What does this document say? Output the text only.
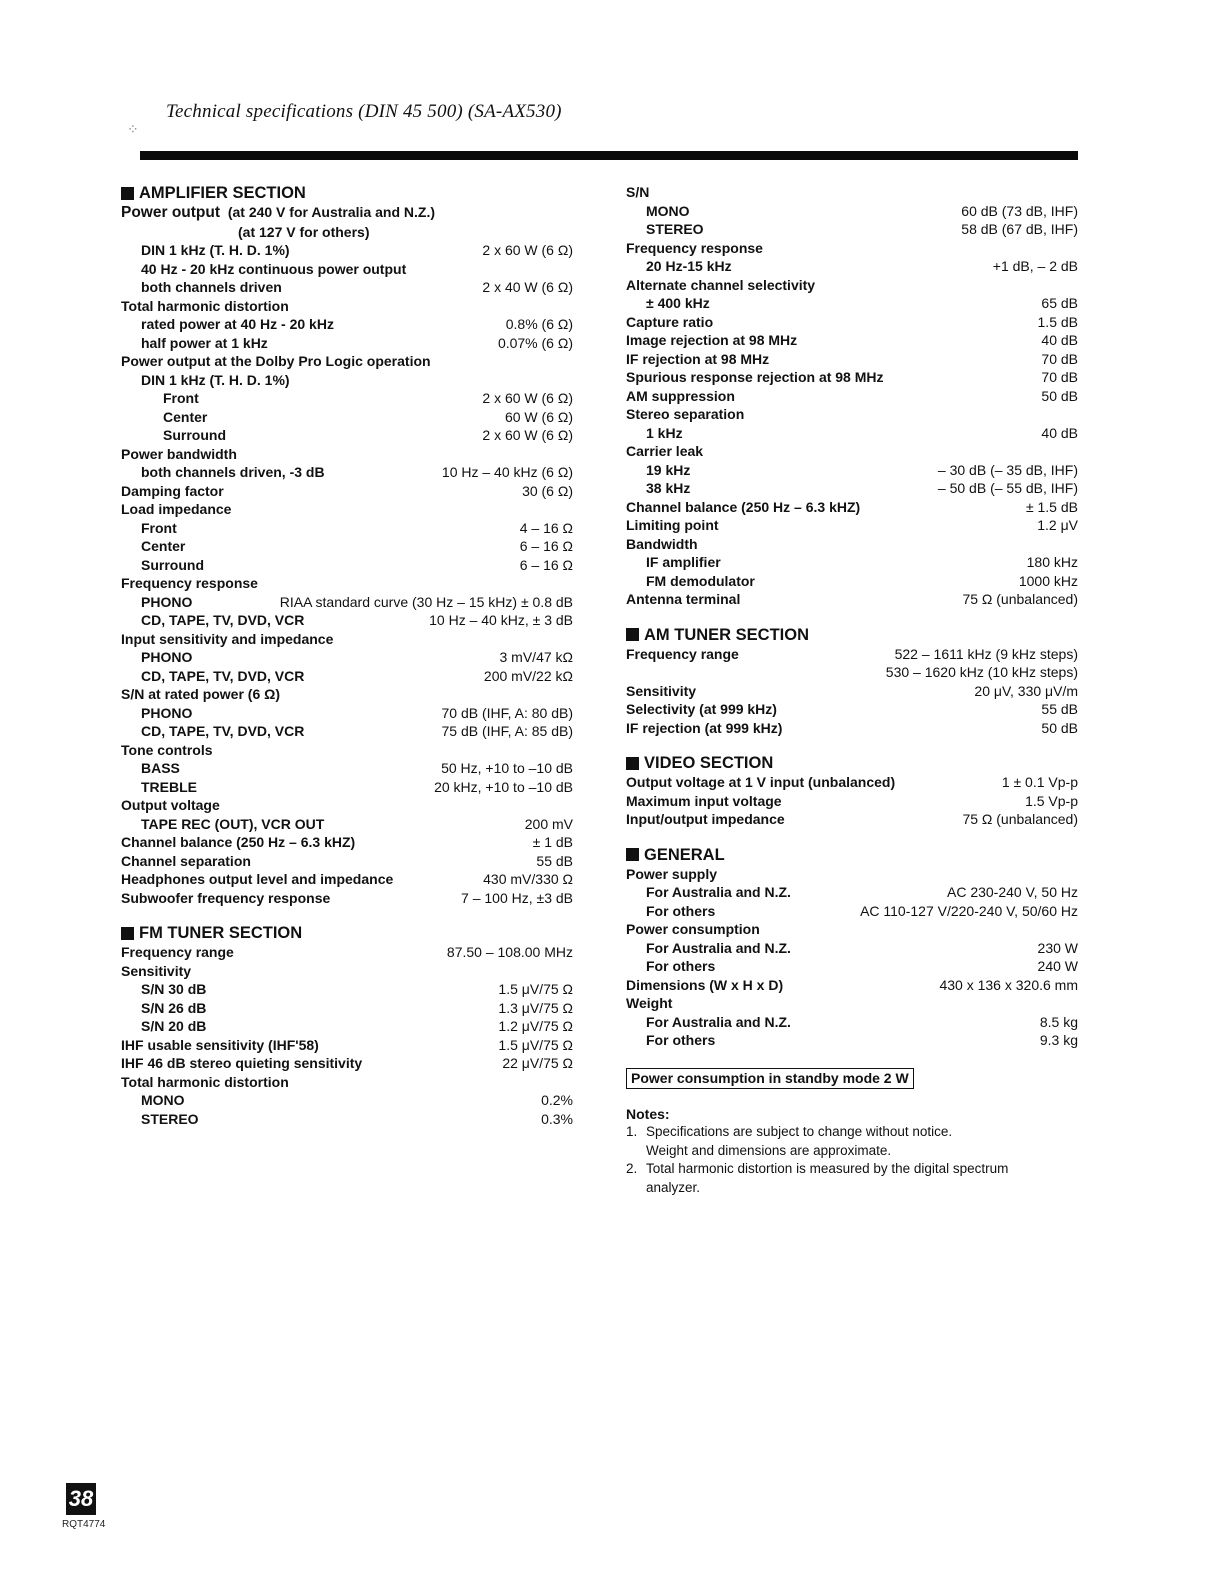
Technical specifications (DIN 45 500) (SA-AX530)
⁘
AMPLIFIER SECTION
Power output (at 240 V for Australia and N.Z.)
(at 127 V for others)
DIN 1 kHz (T. H. D. 1%)	2 x 60 W (6 Ω)
40 Hz - 20 kHz continuous power output
both channels driven	2 x 40 W (6 Ω)
Total harmonic distortion
rated power at 40 Hz - 20 kHz	0.8% (6 Ω)
half power at 1 kHz	0.07% (6 Ω)
Power output at the Dolby Pro Logic operation
DIN 1 kHz (T. H. D. 1%)
Front	2 x 60 W (6 Ω)
Center	60 W (6 Ω)
Surround	2 x 60 W (6 Ω)
Power bandwidth
both channels driven, -3 dB	10 Hz – 40 kHz (6 Ω)
Damping factor	30 (6 Ω)
Load impedance
Front	4 – 16 Ω
Center	6 – 16 Ω
Surround	6 – 16 Ω
Frequency response
PHONO	RIAA standard curve (30 Hz – 15 kHz) ± 0.8 dB
CD, TAPE, TV, DVD, VCR	10 Hz – 40 kHz, ± 3 dB
Input sensitivity and impedance
PHONO	3 mV/47 kΩ
CD, TAPE, TV, DVD, VCR	200 mV/22 kΩ
S/N at rated power (6 Ω)
PHONO	70 dB (IHF, A: 80 dB)
CD, TAPE, TV, DVD, VCR	75 dB (IHF, A: 85 dB)
Tone controls
BASS	50 Hz, +10 to –10 dB
TREBLE	20 kHz, +10 to –10 dB
Output voltage
TAPE REC (OUT), VCR OUT	200 mV
Channel balance (250 Hz – 6.3 kHZ)	± 1 dB
Channel separation	55 dB
Headphones output level and impedance	430 mV/330 Ω
Subwoofer frequency response	7 – 100 Hz, ±3 dB
FM TUNER SECTION
Frequency range	87.50 – 108.00 MHz
Sensitivity
S/N 30 dB	1.5 μV/75 Ω
S/N 26 dB	1.3 μV/75 Ω
S/N 20 dB	1.2 μV/75 Ω
IHF usable sensitivity (IHF'58)	1.5 μV/75 Ω
IHF 46 dB stereo quieting sensitivity	22 μV/75 Ω
Total harmonic distortion
MONO	0.2%
STEREO	0.3%
S/N
MONO	60 dB (73 dB, IHF)
STEREO	58 dB (67 dB, IHF)
Frequency response
20 Hz-15 kHz	+1 dB, – 2 dB
Alternate channel selectivity
± 400 kHz	65 dB
Capture ratio	1.5 dB
Image rejection at 98 MHz	40 dB
IF rejection at 98 MHz	70 dB
Spurious response rejection at 98 MHz	70 dB
AM suppression	50 dB
Stereo separation
1 kHz	40 dB
Carrier leak
19 kHz	– 30 dB (– 35 dB, IHF)
38 kHz	– 50 dB (– 55 dB, IHF)
Channel balance (250 Hz – 6.3 kHZ)	± 1.5 dB
Limiting point	1.2 μV
Bandwidth
IF amplifier	180 kHz
FM demodulator	1000 kHz
Antenna terminal	75 Ω (unbalanced)
AM TUNER SECTION
Frequency range	522 – 1611 kHz (9 kHz steps)
530 – 1620 kHz (10 kHz steps)
Sensitivity	20 μV, 330 μV/m
Selectivity (at 999 kHz)	55 dB
IF rejection (at 999 kHz)	50 dB
VIDEO SECTION
Output voltage at 1 V input (unbalanced)	1 ± 0.1 Vp-p
Maximum input voltage	1.5 Vp-p
Input/output impedance	75 Ω (unbalanced)
GENERAL
Power supply
For Australia and N.Z.	AC 230-240 V, 50 Hz
For others	AC 110-127 V/220-240 V, 50/60 Hz
Power consumption
For Australia and N.Z.	230 W
For others	240 W
Dimensions (W x H x D)	430 x 136 x 320.6 mm
Weight
For Australia and N.Z.	8.5 kg
For others	9.3 kg
Power consumption in standby mode 2 W
Notes:
1. Specifications are subject to change without notice.
Weight and dimensions are approximate.
2. Total harmonic distortion is measured by the digital spectrum
analyzer.
38
RQT4774
